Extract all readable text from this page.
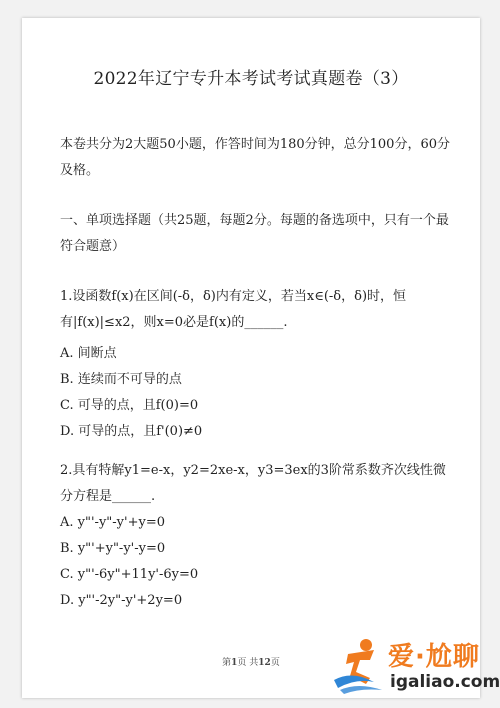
2022年辽宁专升本考试考试真题卷（3）

本卷共分为2大题50小题，作答时间为180分钟，总分100分，60分及格。

一、单项选择题（共25题，每题2分。每题的备选项中，只有一个最符合题意）

1.设函数f(x)在区间(-δ，δ)内有定义，若当x∈(-δ，δ)时，恒有|f(x)|≤x2，则x=0必是f(x)的______.

A. 间断点
B. 连续而不可导的点
C. 可导的点，且f(0)=0
D. 可导的点，且f'(0)≠0

2.具有特解y1=e-x，y2=2xe-x，y3=3ex的3阶常系数齐次线性微分方程是______.

A. y"'-y"-y'+y=0
B. y"'+y"-y'-y=0
C. y"'-6y"+11y'-6y=0
D. y"'-2y"-y'+2y=0
第1页 共12页	爱·尬聊
igaliao.com
